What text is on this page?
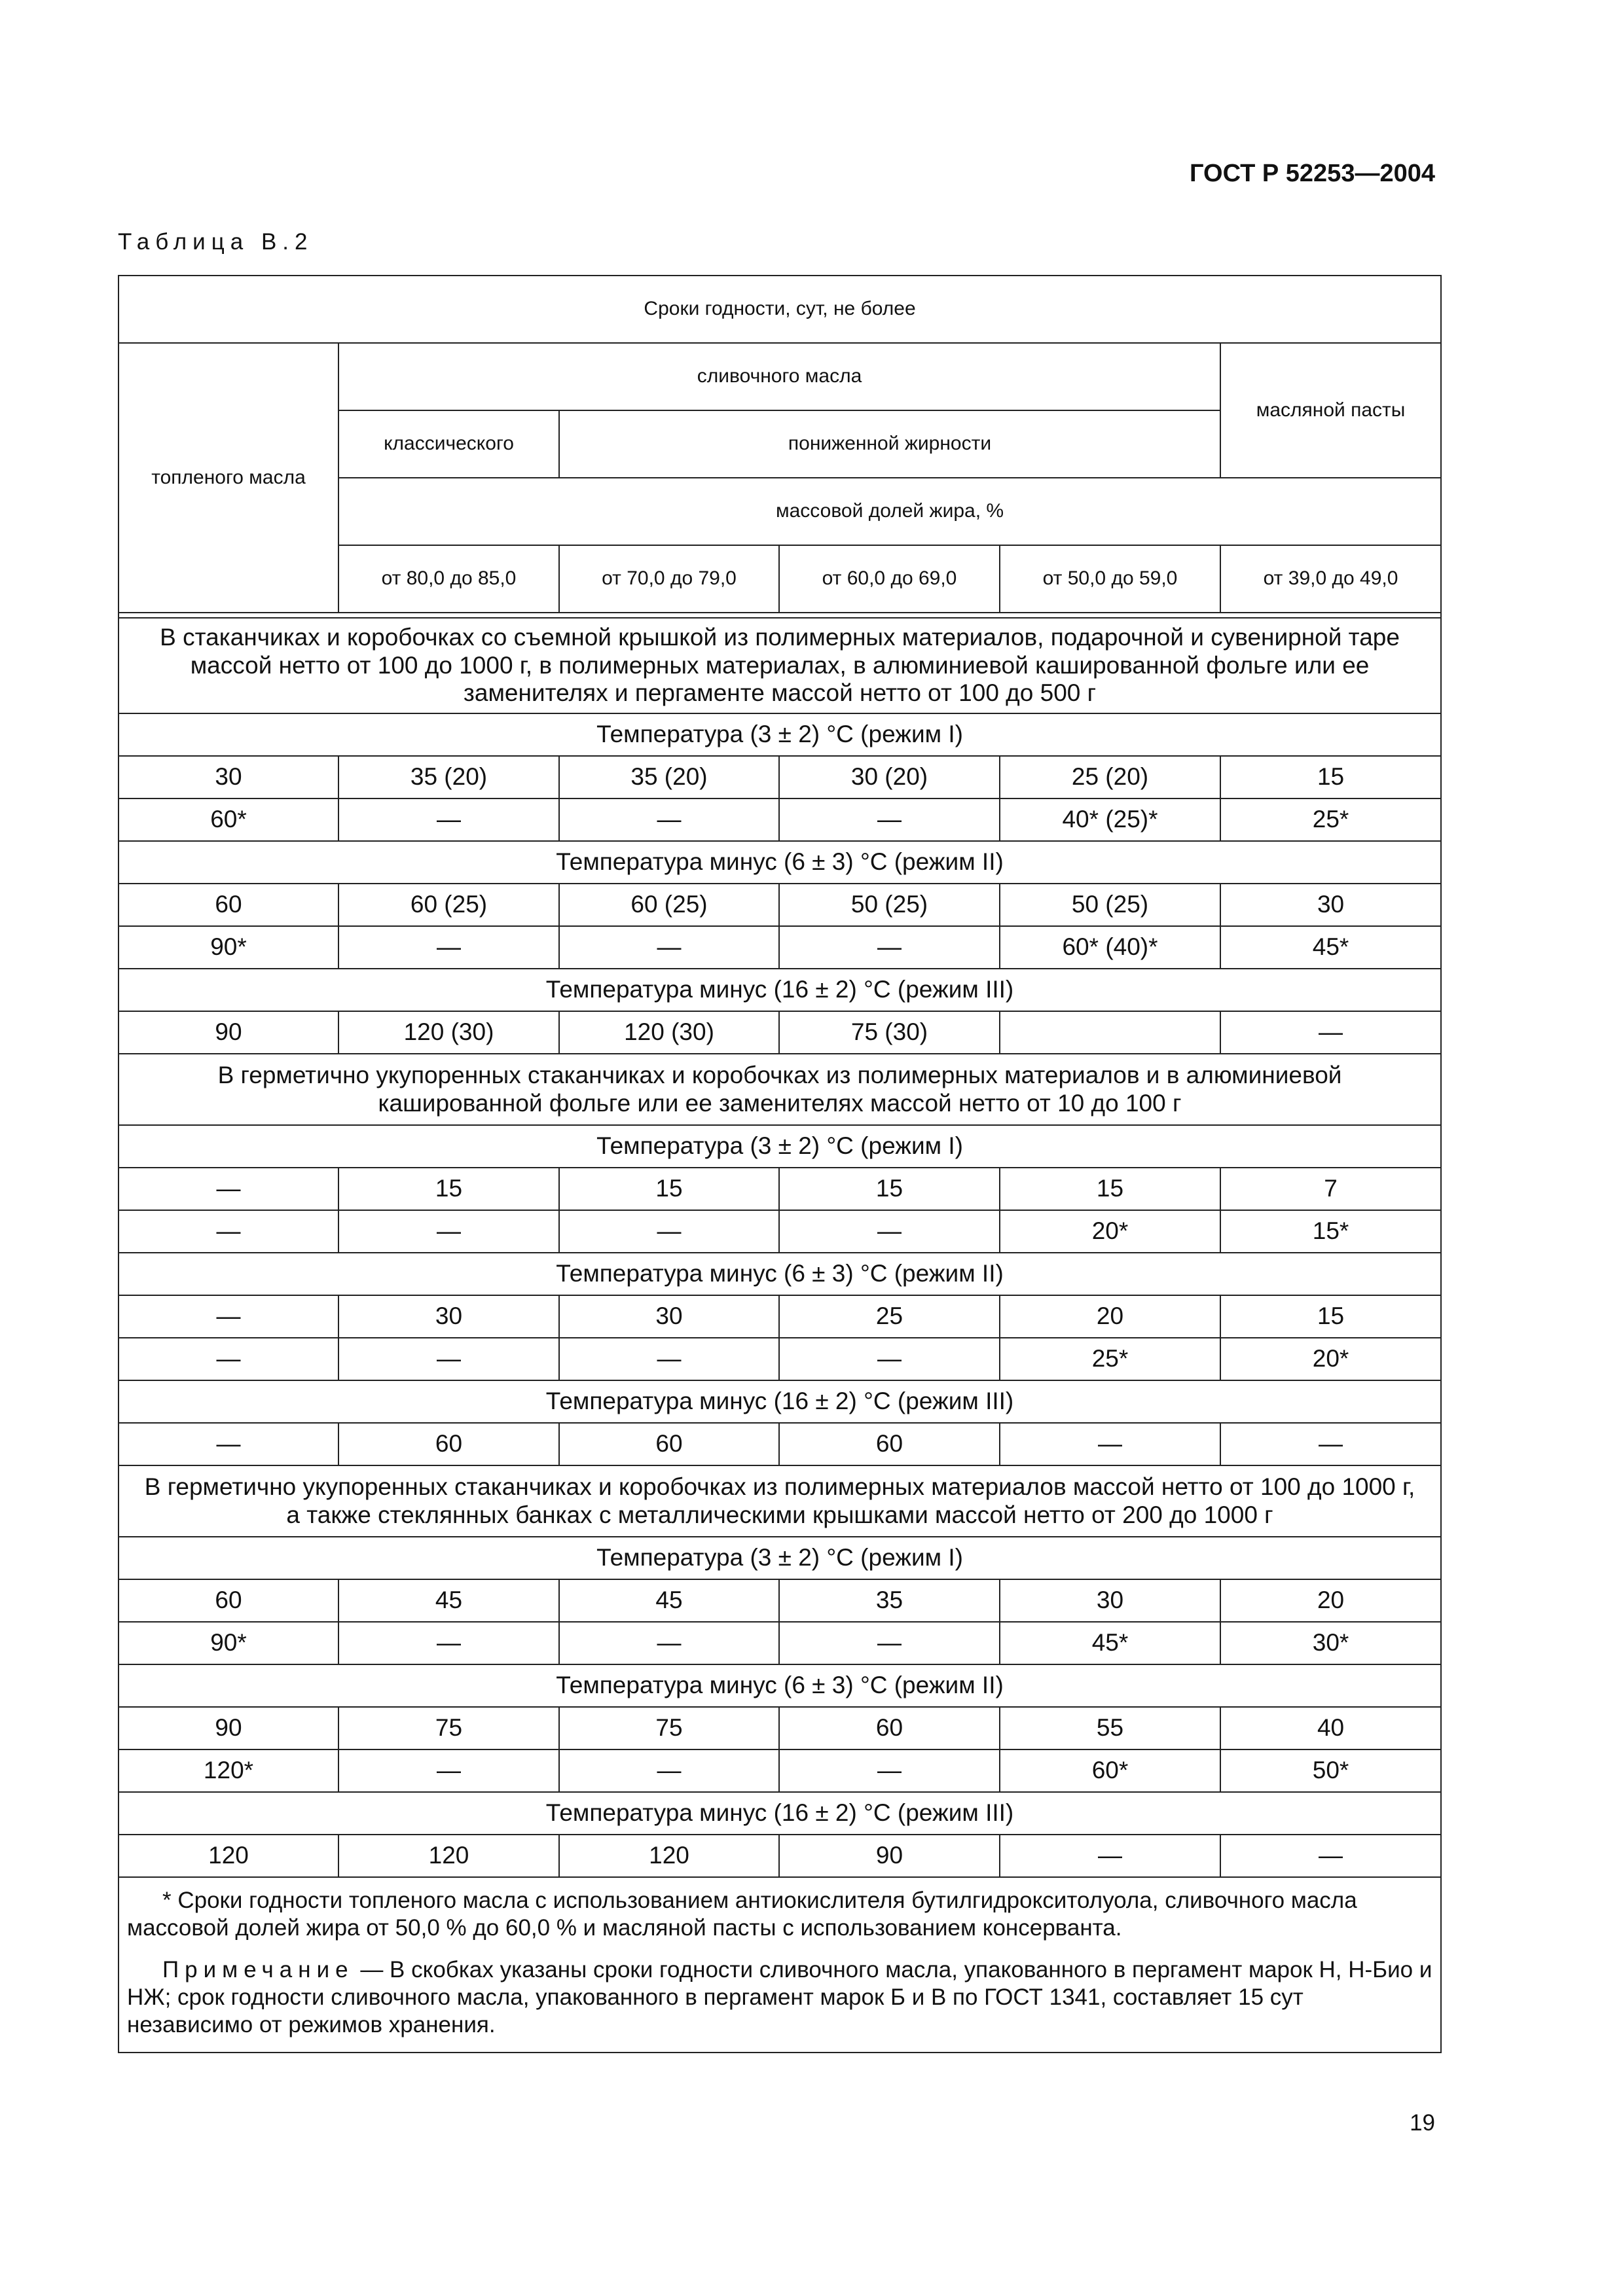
ГОСТ Р 52253—2004
Таблица В.2
Сроки годности, сут, не более					
топленого масла	сливочного масла				масляной пасты
	классического	пониженной жирности			
	массовой долей жира, %				
	от 80,0 до 85,0	от 70,0 до 79,0	от 60,0 до 69,0	от 50,0 до 59,0	от 39,0 до 49,0

В стаканчиках и коробочках со съемной крышкой из полимерных материалов, подарочной и сувенирной таре массой нетто от 100 до 1000 г, в полимерных материалах, в алюминиевой кашированной фольге или ее заменителях и пергаменте массой нетто от 100 до 500 г					
Температура (3 ± 2) °С (режим I)					
30	35 (20)	35 (20)	30 (20)	25 (20)	15
60*	—	—	—	40* (25)*	25*
Температура минус (6 ± 3) °С (режим II)					
60	60 (25)	60 (25)	50 (25)	50 (25)	30
90*	—	—	—	60* (40)*	45*
Температура минус (16 ± 2) °С (режим III)					
90	120 (30)	120 (30)	75 (30)		—
В герметично укупоренных стаканчиках и коробочках из полимерных материалов и в алюминиевой кашированной фольге или ее заменителях массой нетто от 10 до 100 г					
Температура (3 ± 2) °С (режим I)					
—	15	15	15	15	7
—	—	—	—	20*	15*
Температура минус (6 ± 3) °С (режим II)					
—	30	30	25	20	15
—	—	—	—	25*	20*
Температура минус (16 ± 2) °С (режим III)					
—	60	60	60	—	—
В герметично укупоренных стаканчиках и коробочках из полимерных материалов массой нетто от 100 до 1000 г, а также стеклянных банках с металлическими крышками массой нетто от 200 до 1000 г					
Температура (3 ± 2) °С (режим I)					
60	45	45	35	30	20
90*	—	—	—	45*	30*
Температура минус (6 ± 3) °С (режим II)					
90	75	75	60	55	40
120*	—	—	—	60*	50*
Температура минус (16 ± 2) °С (режим III)					
120	120	120	90	—	—

* Сроки годности топленого масла с использованием антиокислителя бутилгидрокситолуола, сливочного масла массовой долей жира от 50,0 % до 60,0 % и масляной пасты с использованием консерванта.

Примечание — В скобках указаны сроки годности сливочного масла, упакованного в пергамент марок Н, Н-Био и НЖ; срок годности сливочного масла, упакованного в пергамент марок Б и В по ГОСТ 1341, составляет 15 сут независимо от режимов хранения.					

19
